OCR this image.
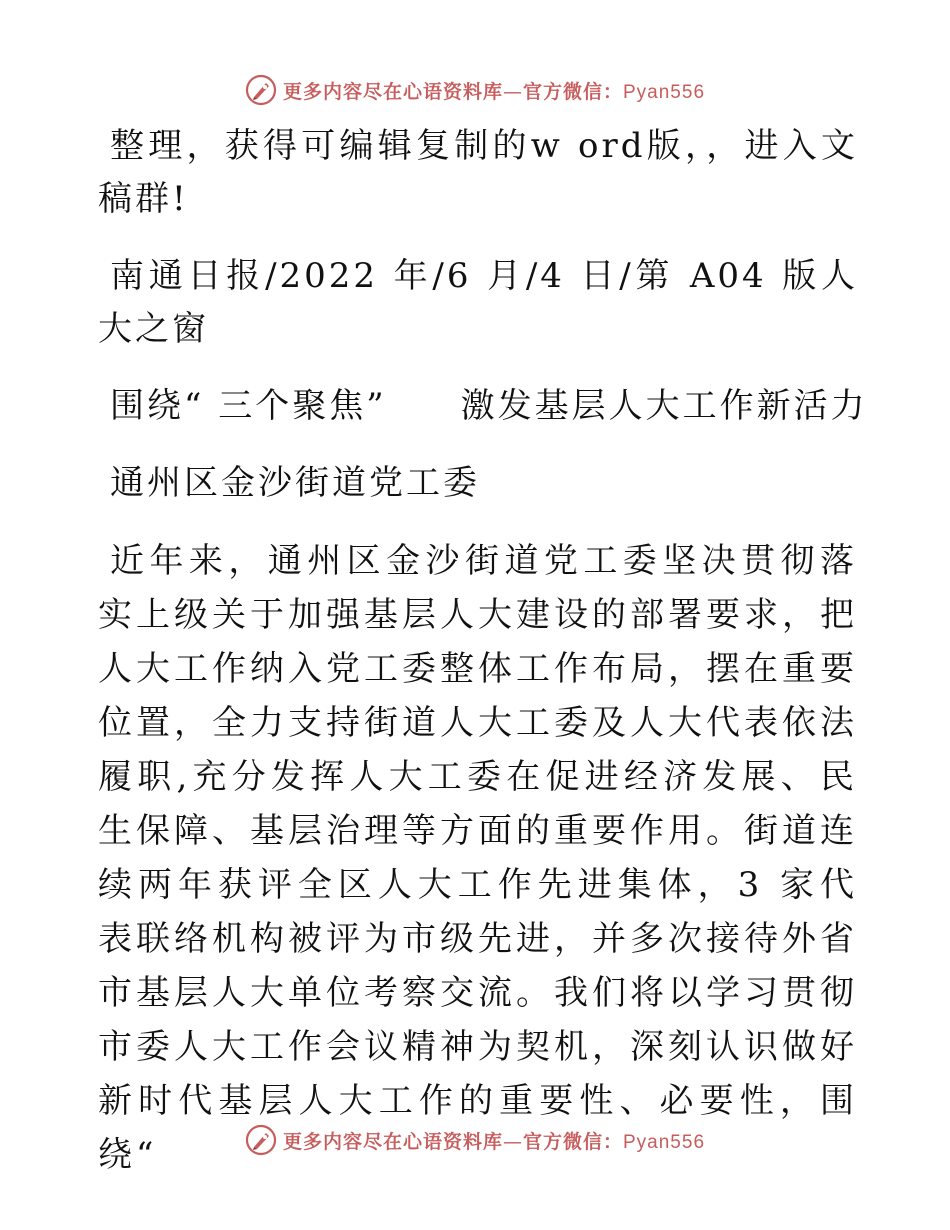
更多内容尽在心语资料库—官方微信：Pyan556

整理，获得可编辑复制的w ord版，，进入文稿群!

南通日报/2022 年/6 月/4 日/第 A04 版人大之窗

围绕“ 三个聚焦”　　激发基层人大工作新活力

通州区金沙街道党工委

近年来，通州区金沙街道党工委坚决贯彻落实上级关于加强基层人大建设的部署要求，把人大工作纳入党工委整体工作布局，摆在重要位置，全力支持街道人大工委及人大代表依法履职,充分发挥人大工委在促进经济发展、民生保障、基层治理等方面的重要作用。街道连续两年获评全区人大工作先进集体，3 家代表联络机构被评为市级先进，并多次接待外省市基层人大单位考察交流。我们将以学习贯彻市委人大工作会议精神为契机，深刻认识做好新时代基层人大工作的重要性、必要性，围绕“	更多内容尽在心语资料库—官方微信：Pyan556
